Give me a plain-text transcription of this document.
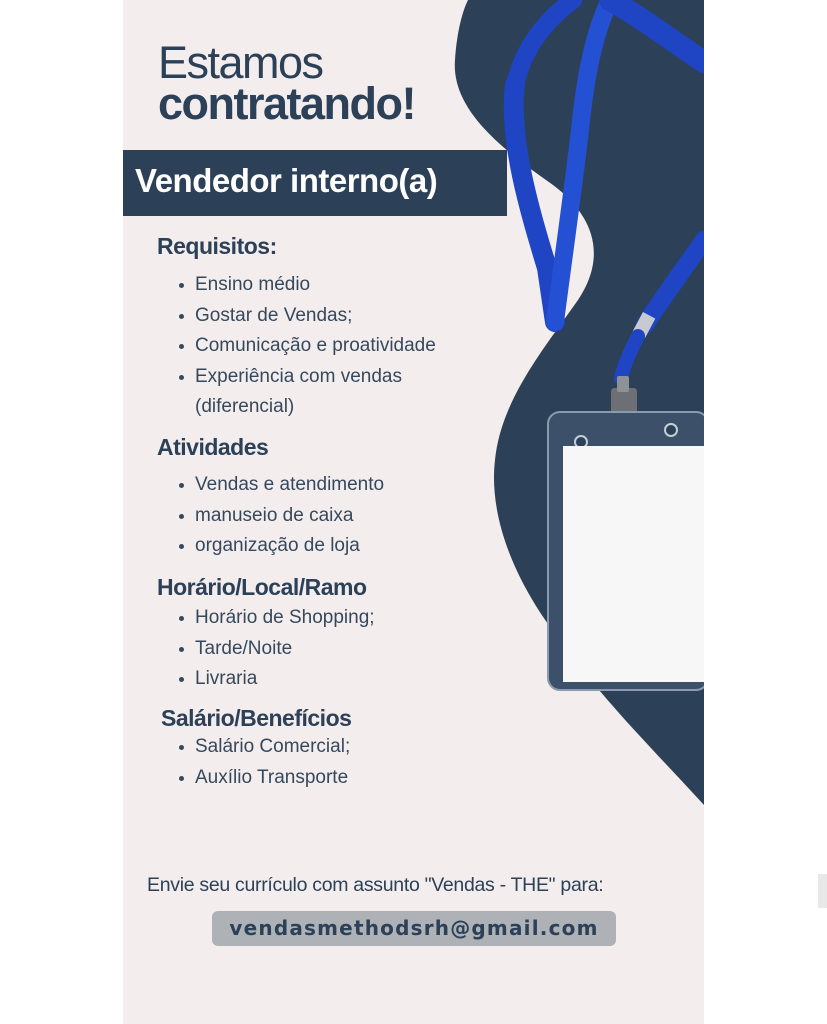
Estamos
contratando!
Vendedor interno(a)
Requisitos:
Ensino médio
Gostar de Vendas;
Comunicação e proatividade
Experiência com vendas
(diferencial)
Atividades
Vendas e atendimento
manuseio de caixa
organização de loja
Horário/Local/Ramo
Horário de Shopping;
Tarde/Noite
Livraria
Salário/Benefícios
Salário Comercial;
Auxílio Transporte
Envie seu currículo com assunto "Vendas - THE" para:
vendasmethodsrh@gmail.com
